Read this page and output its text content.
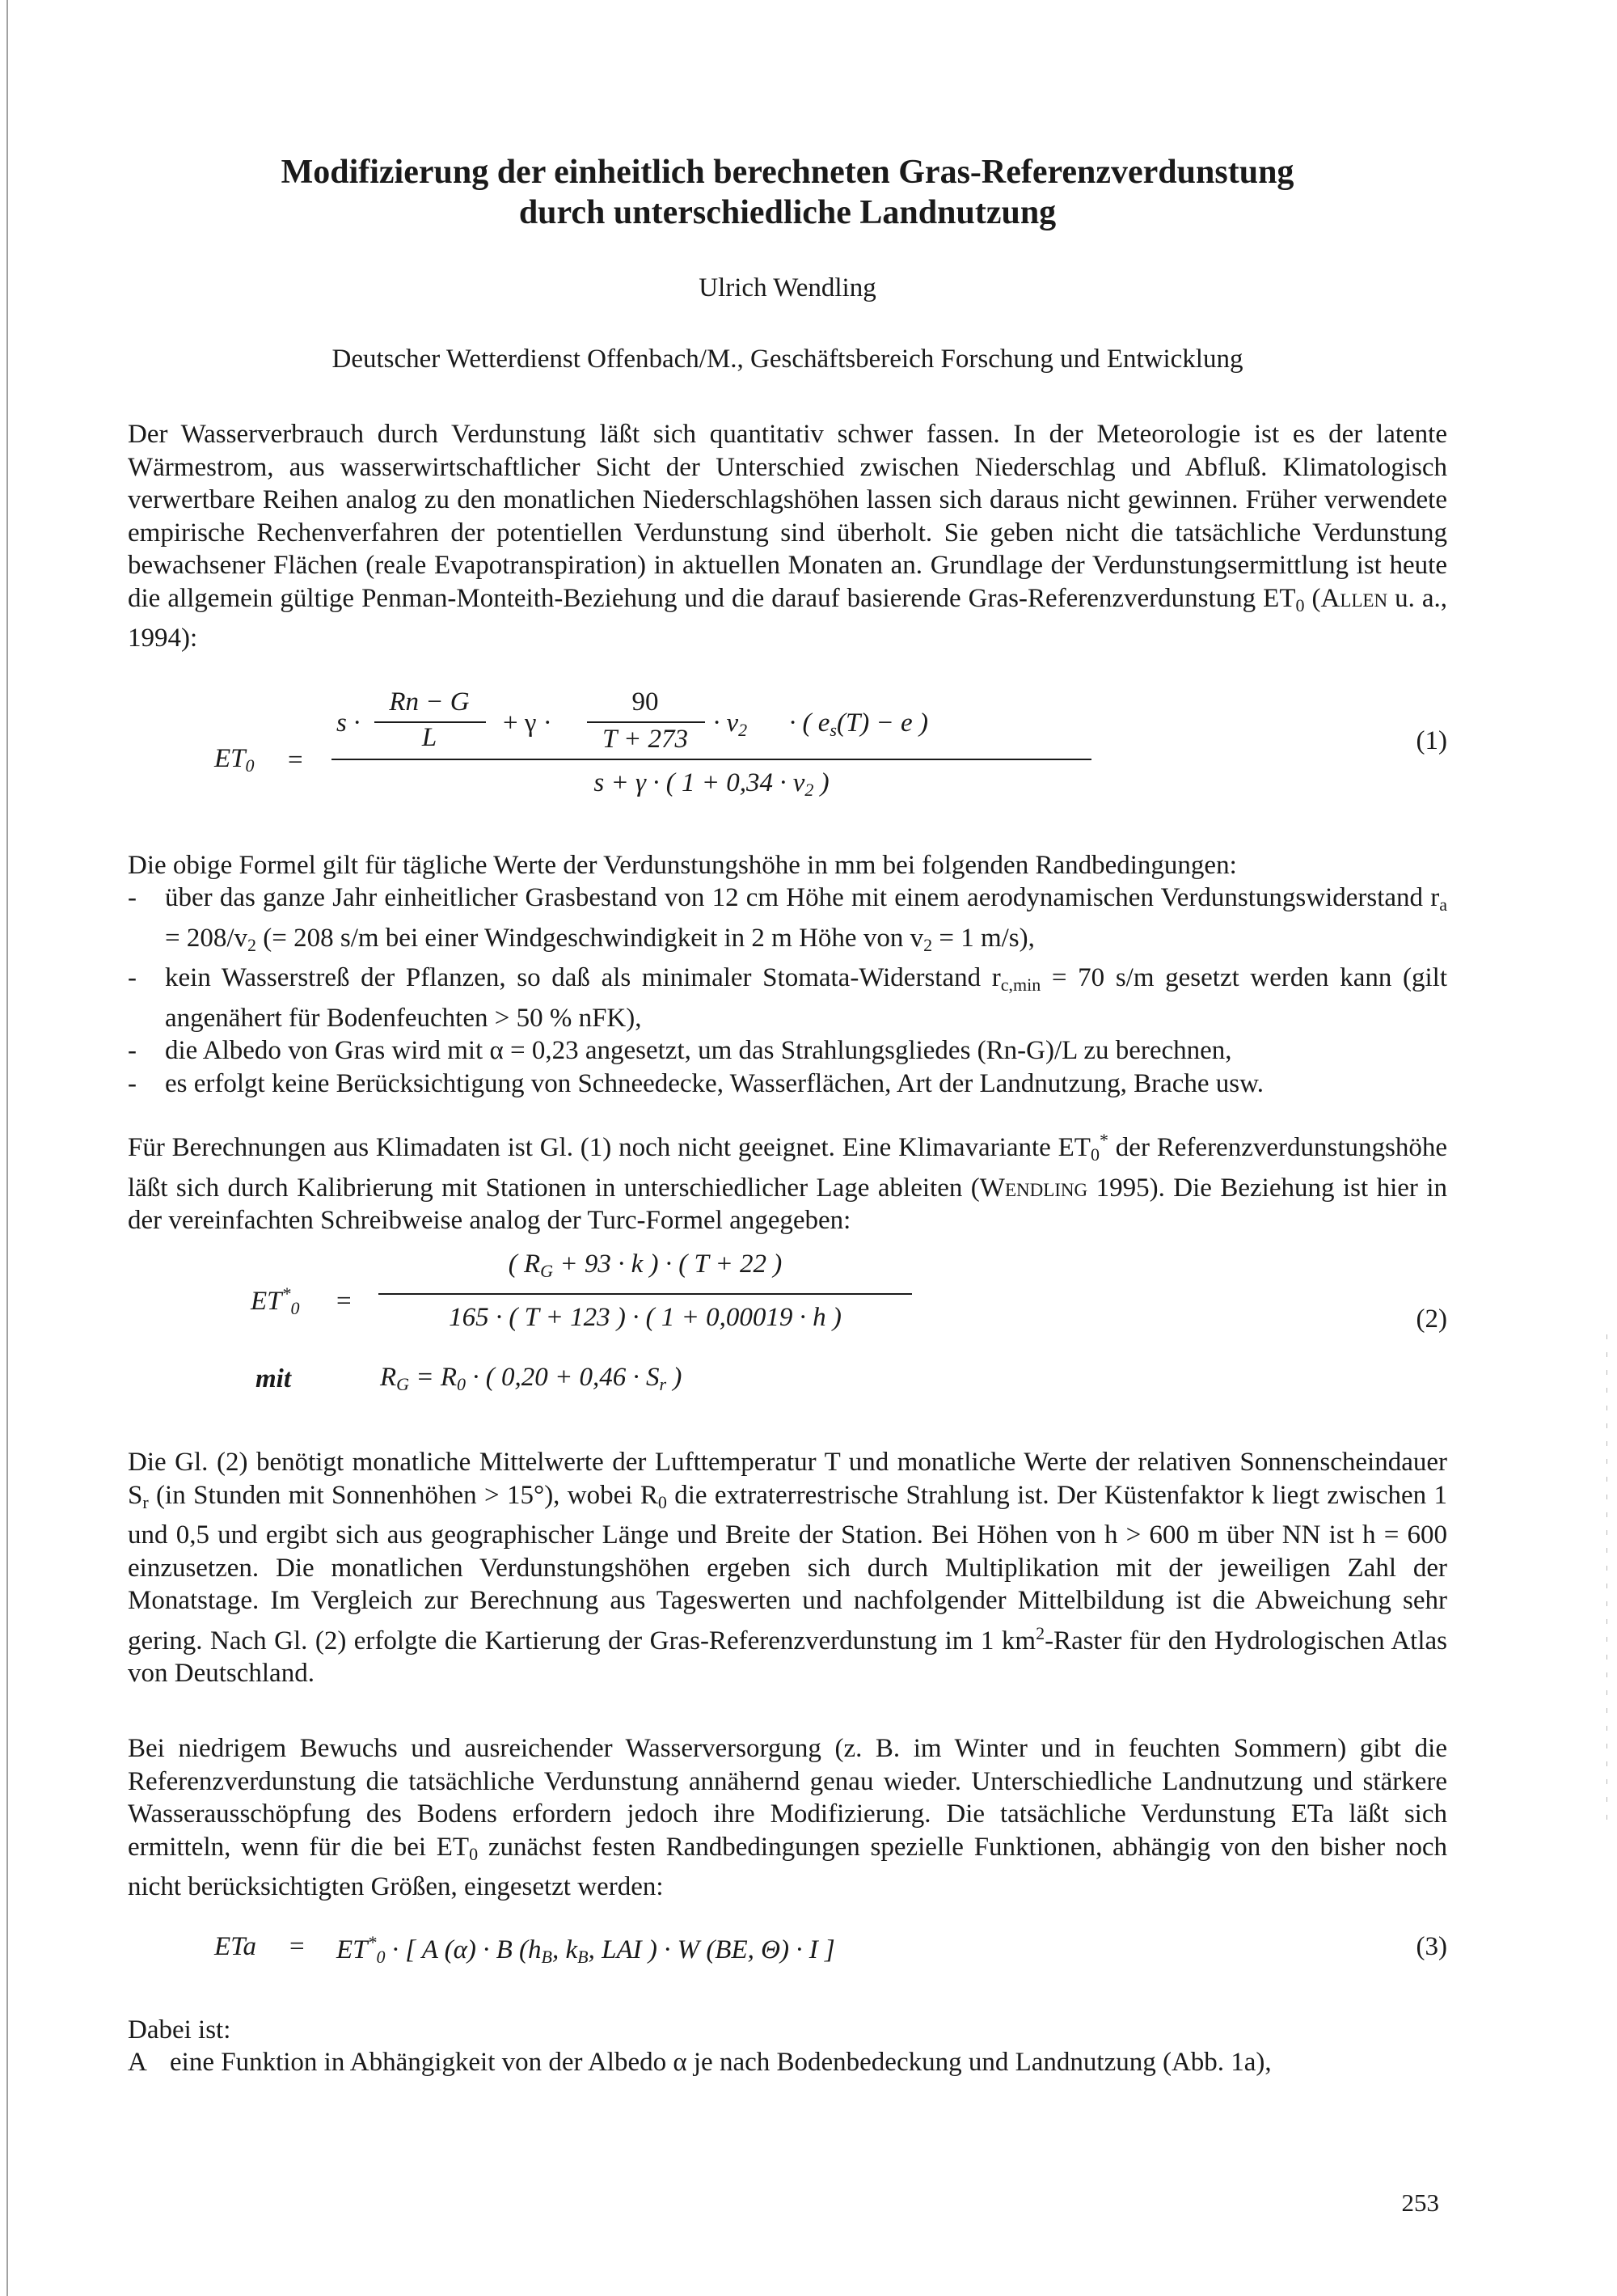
Modifizierung der einheitlich berechneten Gras-Referenzverdunstung
durch unterschiedliche Landnutzung
Ulrich Wendling
Deutscher Wetterdienst Offenbach/M., Geschäftsbereich Forschung und Entwicklung

Der Wasserverbrauch durch Verdunstung läßt sich quantitativ schwer fassen. In der Meteorologie ist es der latente Wärmestrom, aus wasserwirtschaftlicher Sicht der Unterschied zwischen Niederschlag und Abfluß. Klimatologisch verwertbare Reihen analog zu den monatlichen Niederschlagshöhen lassen sich daraus nicht gewinnen. Früher verwendete empirische Rechenverfahren der potentiellen Verdunstung sind überholt. Sie geben nicht die tatsächliche Verdunstung bewachsener Flächen (reale Evapotranspiration) in aktuellen Monaten an. Grundlage der Verdunstungsermittlung ist heute die allgemein gültige Penman-Monteith-Beziehung und die darauf basierende Gras-Referenzverdunstung $ET_0$ (Allen u. a., 1994):

$ET_0$ =
s ·
Rn − G
L	+ γ ·
90
T + 273
· $v_2$ · ( $e_s(T) - e$ )
s + γ · ( $1 + 0,34 \cdot v_2$ )
(1)
Die obige Formel gilt für tägliche Werte der Verdunstungshöhe in mm bei folgenden Randbedingungen:
- über das ganze Jahr einheitlicher Grasbestand von 12 cm Höhe mit einem aerodynamischen Verdunstungswiderstand $r_a = 208/v_2$ (= 208 s/m bei einer Windgeschwindigkeit in 2 m Höhe von $v_2 = 1$ m/s),
- kein Wasserstreß der Pflanzen, so daß als minimaler Stomata-Widerstand $r_{c,min} = 70$ s/m gesetzt werden kann (gilt angenähert für Bodenfeuchten > 50 % nFK),
- die Albedo von Gras wird mit α = 0,23 angesetzt, um das Strahlungsgliedes (Rn-G)/L zu berechnen,
- es erfolgt keine Berücksichtigung von Schneedecke, Wasserflächen, Art der Landnutzung, Brache usw.

Für Berechnungen aus Klimadaten ist Gl. (1) noch nicht geeignet. Eine Klimavariante $ET_0^*$ der Referenzverdunstungshöhe läßt sich durch Kalibrierung mit Stationen in unterschiedlicher Lage ableiten (Wendling 1995). Die Beziehung ist hier in der vereinfachten Schreibweise analog der Turc-Formel angegeben:

$ET^*_0$ =
( $R_G + 93 \cdot k$ ) · ( T + 22 )
165 · ( T + 123 ) · ( 1 + 0,00019 · h )	(2)
mit	$R_G = R_0$ · ( $0,20 + 0,46 \cdot S_r$ )

Die Gl. (2) benötigt monatliche Mittelwerte der Lufttemperatur T und monatliche Werte der relativen Sonnenscheindauer $S_r$ (in Stunden mit Sonnenhöhen > 15°), wobei $R_0$ die extraterrestrische Strahlung ist. Der Küstenfaktor k liegt zwischen 1 und 0,5 und ergibt sich aus geographischer Länge und Breite der Station. Bei Höhen von h > 600 m über NN ist h = 600 einzusetzen. Die monatlichen Verdunstungshöhen ergeben sich durch Multiplikation mit der jeweiligen Zahl der Monatstage. Im Vergleich zur Berechnung aus Tageswerten und nachfolgender Mittelbildung ist die Abweichung sehr gering. Nach Gl. (2) erfolgte die Kartierung der Gras-Referenzverdunstung im 1 $km^2$-Raster für den Hydrologischen Atlas von Deutschland.

Bei niedrigem Bewuchs und ausreichender Wasserversorgung (z. B. im Winter und in feuchten Sommern) gibt die Referenzverdunstung die tatsächliche Verdunstung annähernd genau wieder. Unterschiedliche Landnutzung und stärkere Wasserausschöpfung des Bodens erfordern jedoch ihre Modifizierung. Die tatsächliche Verdunstung ETa läßt sich ermitteln, wenn für die bei $ET_0$ zunächst festen Randbedingungen spezielle Funktionen, abhängig von den bisher noch nicht berücksichtigten Größen, eingesetzt werden:

ETa = $ET^*_0$ · [ A (α) · B ($h_B$, $k_B$, LAI ) · W (BE, Θ) · I ]	(3)
Dabei ist:
A eine Funktion in Abhängigkeit von der Albedo α je nach Bodenbedeckung und Landnutzung (Abb. 1a),
253
